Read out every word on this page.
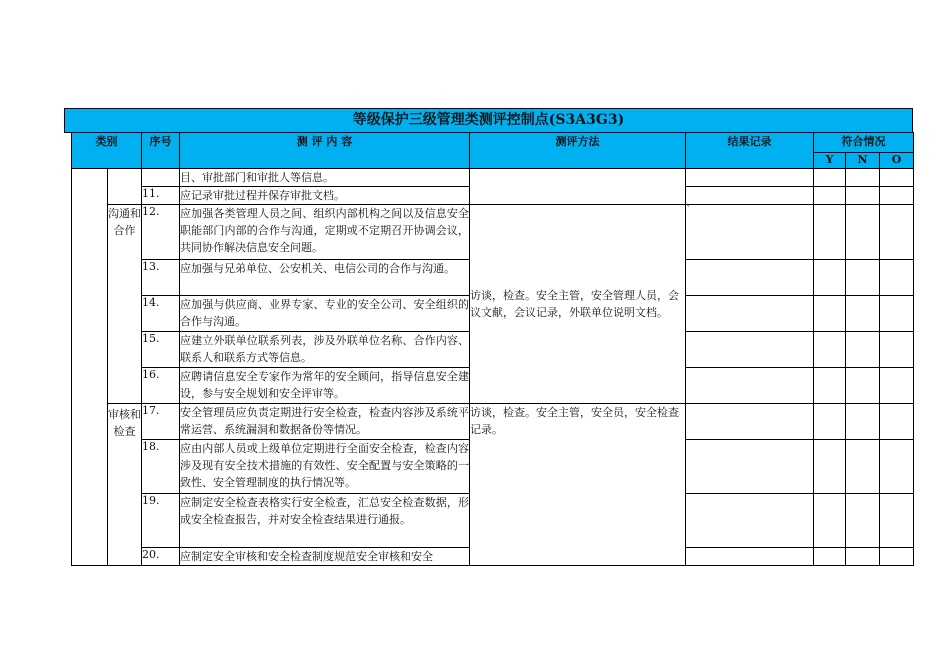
等级保护三级管理类测评控制点(S3A3G3)
类别		序号	测 评 内 容	测评方法	结果记录	符合情况		
						Y	N	O
			目、审批部门和审批人等信息。					
		11.	应记录审批过程并保存审批文档。					
	沟通和合作	12.	应加强各类管理人员之间、组织内部机构之间以及信息安全职能部门内部的合作与沟通，定期或不定期召开协调会议，共同协作解决信息安全问题。	访谈，检查。安全主管，安全管理人员，会议文献，会议记录，外联单位说明文档。	`			
		13.	应加强与兄弟单位、公安机关、电信公司的合作与沟通。					
		14.	应加强与供应商、业界专家、专业的安全公司、安全组织的合作与沟通。					
		15.	应建立外联单位联系列表，涉及外联单位名称、合作内容、联系人和联系方式等信息。					
		16.	应聘请信息安全专家作为常年的安全顾问，指导信息安全建设，参与安全规划和安全评审等。					
	审核和检查	17.	安全管理员应负责定期进行安全检查，检查内容涉及系统平常运营、系统漏洞和数据备份等情况。	访谈，检查。安全主管，安全员，安全检查记录。				
		18.	应由内部人员或上级单位定期进行全面安全检查，检查内容涉及现有安全技术措施的有效性、安全配置与安全策略的一致性、安全管理制度的执行情况等。					
		19.	应制定安全检查表格实行安全检查，汇总安全检查数据，形成安全检查报告，并对安全检查结果进行通报。					
		20.	应制定安全审核和安全检查制度规范安全审核和安全					
